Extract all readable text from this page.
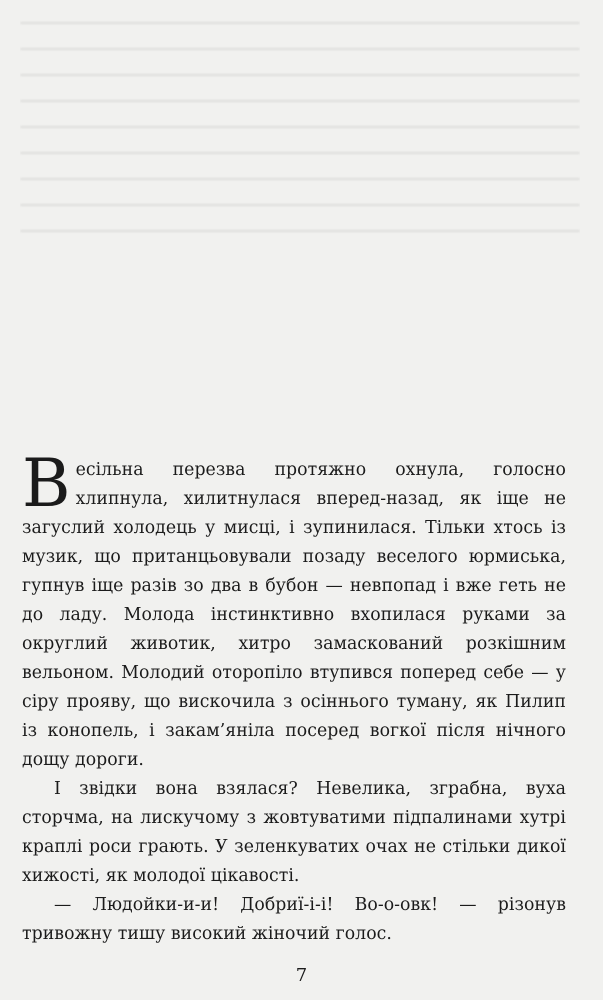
Весільна перезва протяжно охнула, голосно хлипнула, хилитнулася вперед-назад, як іще не загуслий холодець у мисці, і зупинилася. Тільки хтось із музик, що пританцьовували позаду веселого юрмиська, гупнув іще разів зо два в бубон — невпопад і вже геть не до ладу. Молода інстинктивно вхопилася руками за округлий животик, хитро замаскований розкішним вельоном. Молодий оторопіло втупився поперед себе — у сіру прояву, що вискочила з осіннього туману, як Пилип із конопель, і закам’яніла посеред вогкої після нічного дощу дороги.

І звідки вона взялася? Невелика, зграбна, вуха сторчма, на лискучому з жовтуватими підпалинами хутрі краплі роси грають. У зеленкуватих очах не стільки дикої хижості, як молодої цікавості.

— Людойки-и-и! Добриї-і-і! Во-о-овк! — різонув тривожну тишу високий жіночий голос.

7
